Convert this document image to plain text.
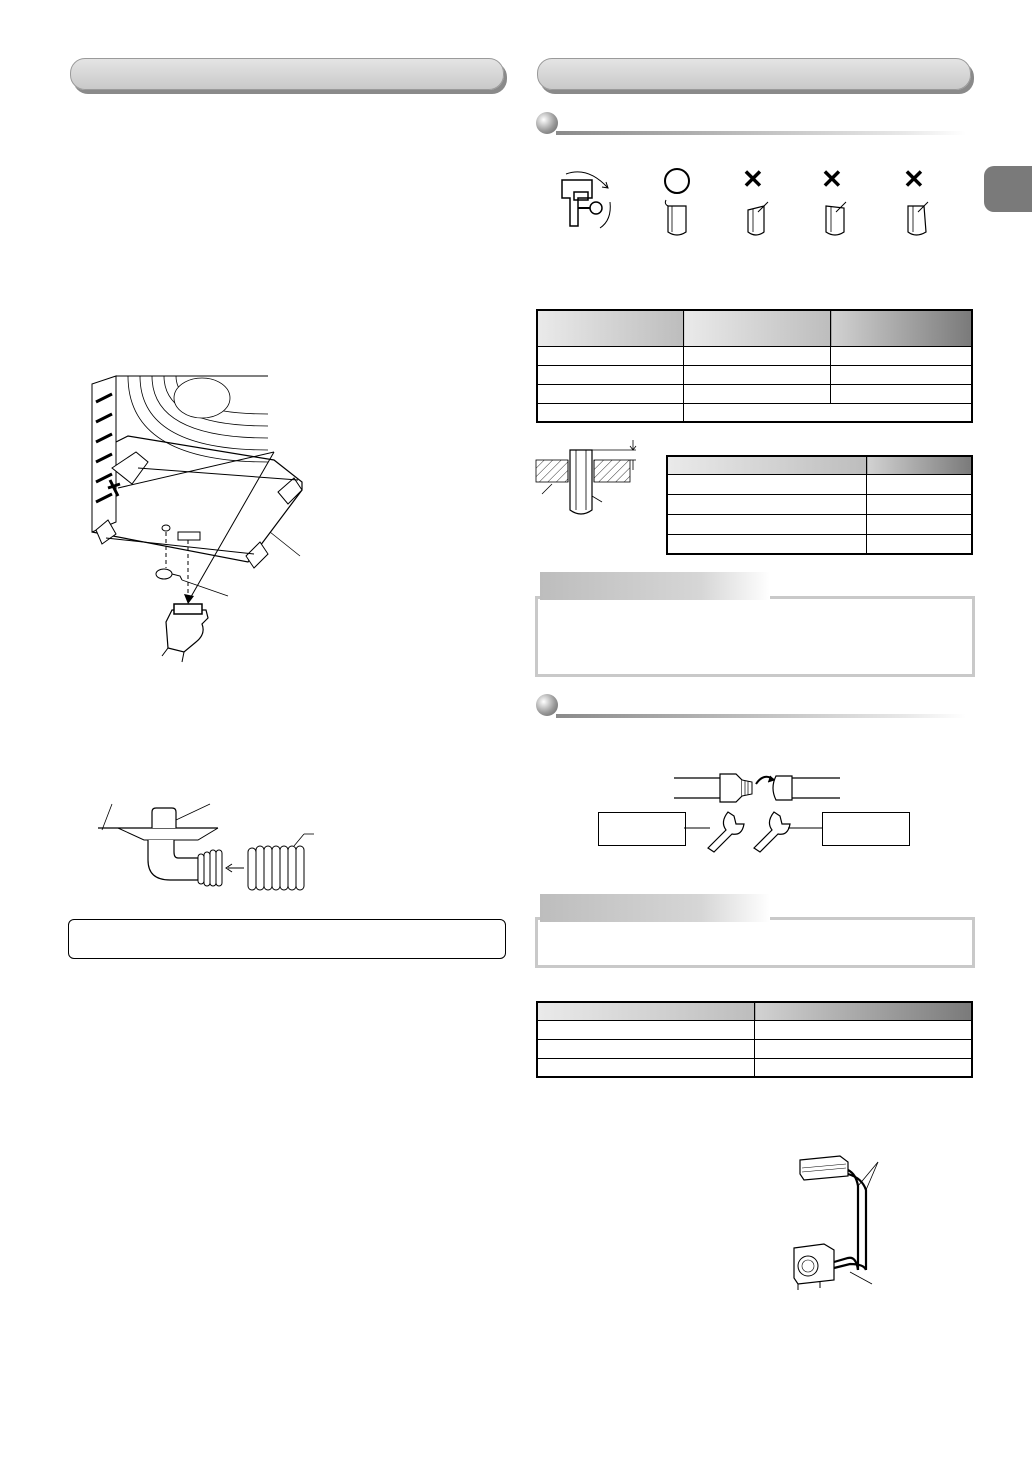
✕ ✕ ✕
